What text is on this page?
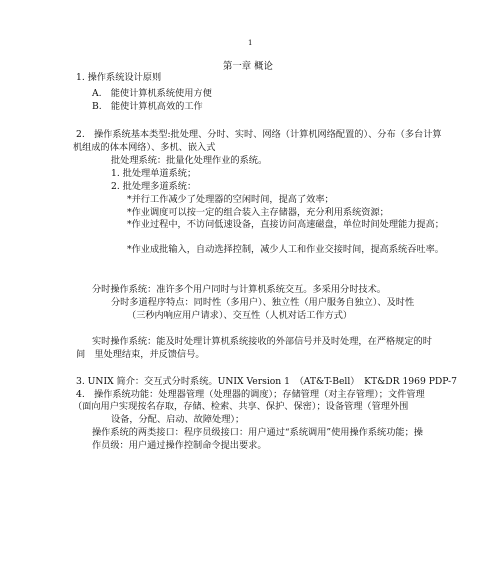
1
第一章 概论
1. 操作系统设计原则
A.　能使计算机系统使用方便
B.　能使计算机高效的工作
2.　操作系统基本类型:批处理、分时、实时、网络（计算机网络配置的）、分布（多台计算
机组成的体本网络）、多机、嵌入式
批处理系统：批量化处理作业的系统。
1. 批处理单道系统；
2. 批处理多道系统：
*并行工作减少了处理器的空闲时间，提高了效率；
*作业调度可以按一定的组合装入主存储器，充分利用系统资源；
*作业过程中，不访问低速设备，直接访问高速磁盘，单位时间处理能力提高；
*作业成批输入，自动选择控制，减少人工和作业交接时间，提高系统吞吐率。
分时操作系统：准许多个用户同时与计算机系统交互。多采用分时技术。
分时多道程序特点：同时性（多用户）、独立性（用户服务自独立）、及时性
（三秒内响应用户请求）、交互性（人机对话工作方式）
实时操作系统：能及时处理计算机系统接收的外部信号并及时处理，在严格规定的时
间　里处理结束，并反馈信号。
3. UNIX 简介：交互式分时系统。UNIX Version 1　（AT&T-Bell）　KT&DR 1969 PDP-7
4.　操作系统功能：处理器管理（处理器的调度）；存储管理（对主存管理）；文件管理
（面向用户实现按名存取，存储、检索、共享、保护、保密）；设备管理（管理外围
设备，分配、启动、故障处理）；
操作系统的两类接口：程序员级接口：用户通过“系统调用”使用操作系统功能；操
作员级：用户通过操作控制命令提出要求。
